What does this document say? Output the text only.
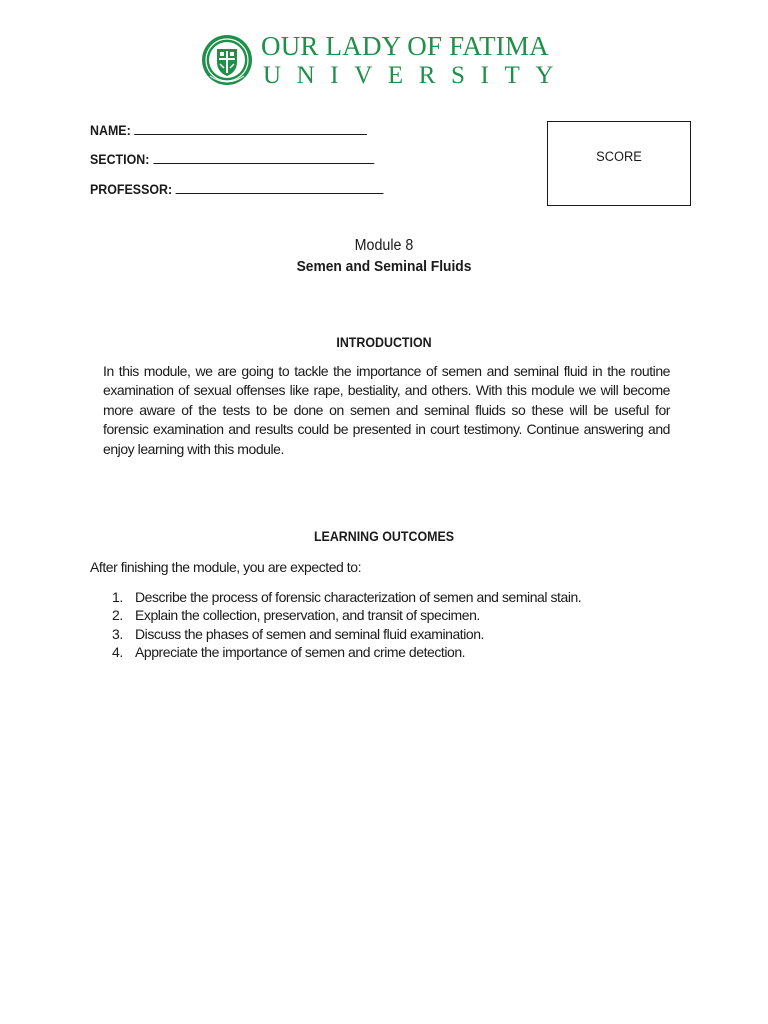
OUR LADY OF FATIMA
UNIVERSITY
NAME:
SECTION:
PROFESSOR:
SCORE
Module 8
Semen and Seminal Fluids
INTRODUCTION
In this module, we are going to tackle the importance of semen and seminal fluid in the routine examination of sexual offenses like rape, bestiality, and others. With this module we will become more aware of the tests to be done on semen and seminal fluids so these will be useful for forensic examination and results could be presented in court testimony. Continue answering and enjoy learning with this module.
LEARNING OUTCOMES
After finishing the module, you are expected to:
1. Describe the process of forensic characterization of semen and seminal stain.
2. Explain the collection, preservation, and transit of specimen.
3. Discuss the phases of semen and seminal fluid examination.
4. Appreciate the importance of semen and crime detection.
